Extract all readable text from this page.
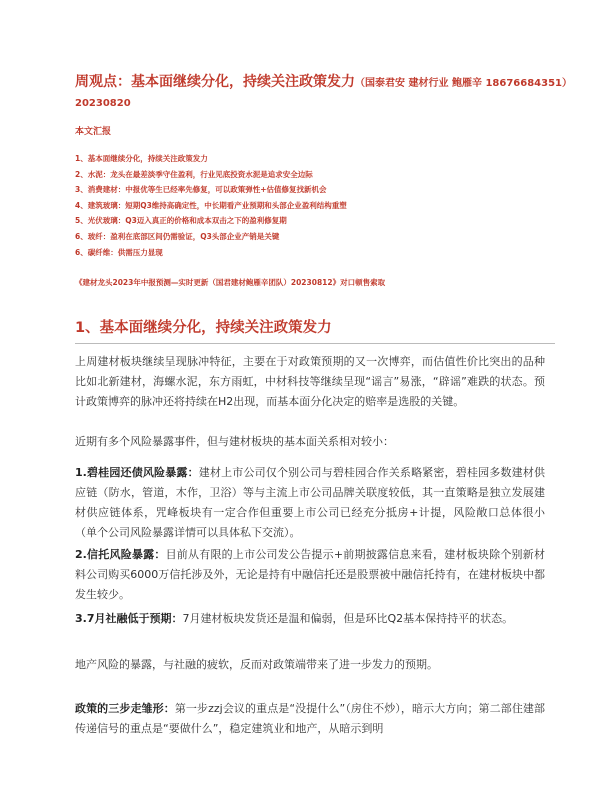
周观点：基本面继续分化，持续关注政策发力（国泰君安 建材行业 鲍雁辛 18676684351）
20230820
本文汇报
1、基本面继续分化，持续关注政策发力
2、水泥：龙头在最差淡季守住盈利，行业见底投资水泥是追求安全边际
3、消费建材：中报优等生已经率先修复，可以政策弹性+估值修复找新机会
4、建筑玻璃：短期Q3维持高确定性，中长期看产业预期和头部企业盈利结构重塑
5、光伏玻璃：Q3迈入真正的价格和成本双击之下的盈利修复期
6、玻纤：盈利在底部区间仍需验证，Q3头部企业产销是关键
6、碳纤维：供需压力显现
《建材龙头2023年中报预测—实时更新（国君建材鲍雁辛团队）20230812》对口顿售索取
1、基本面继续分化，持续关注政策发力

上周建材板块继续呈现脉冲特征，主要在于对政策预期的又一次博弈，而估值性价比突出的品种比如北新建材，海螺水泥，东方雨虹，中材科技等继续呈现“谣言”易涨，“辟谣”难跌的状态。预计政策博弈的脉冲还将持续在H2出现，而基本面分化决定的赔率是选股的关键。

近期有多个风险暴露事件，但与建材板块的基本面关系相对较小：

1.碧桂园还债风险暴露：建材上市公司仅个别公司与碧桂园合作关系略紧密，碧桂园多数建材供应链（防水，管道，木作，卫浴）等与主流上市公司品牌关联度较低，其一直策略是独立发展建材供应链体系，咒峰板块有一定合作但重要上市公司已经充分抵房+计提，风险敞口总体很小（单个公司风险暴露详情可以具体私下交流）。

2.信托风险暴露：目前从有限的上市公司发公告提示+前期披露信息来看，建材板块除个别新材料公司购买6000万信托涉及外，无论是持有中融信托还是股票被中融信托持有，在建材板块中都发生较少。

3.7月社融低于预期：7月建材板块发货还是温和偏弱，但是环比Q2基本保持持平的状态。

地产风险的暴露，与社融的疲软，反而对政策端带来了进一步发力的预期。

政策的三步走雏形：第一步zzj会议的重点是“没提什么”（房住不炒），暗示大方向；第二部住建部传递信号的重点是“要做什么”，稳定建筑业和地产，从暗示到明
